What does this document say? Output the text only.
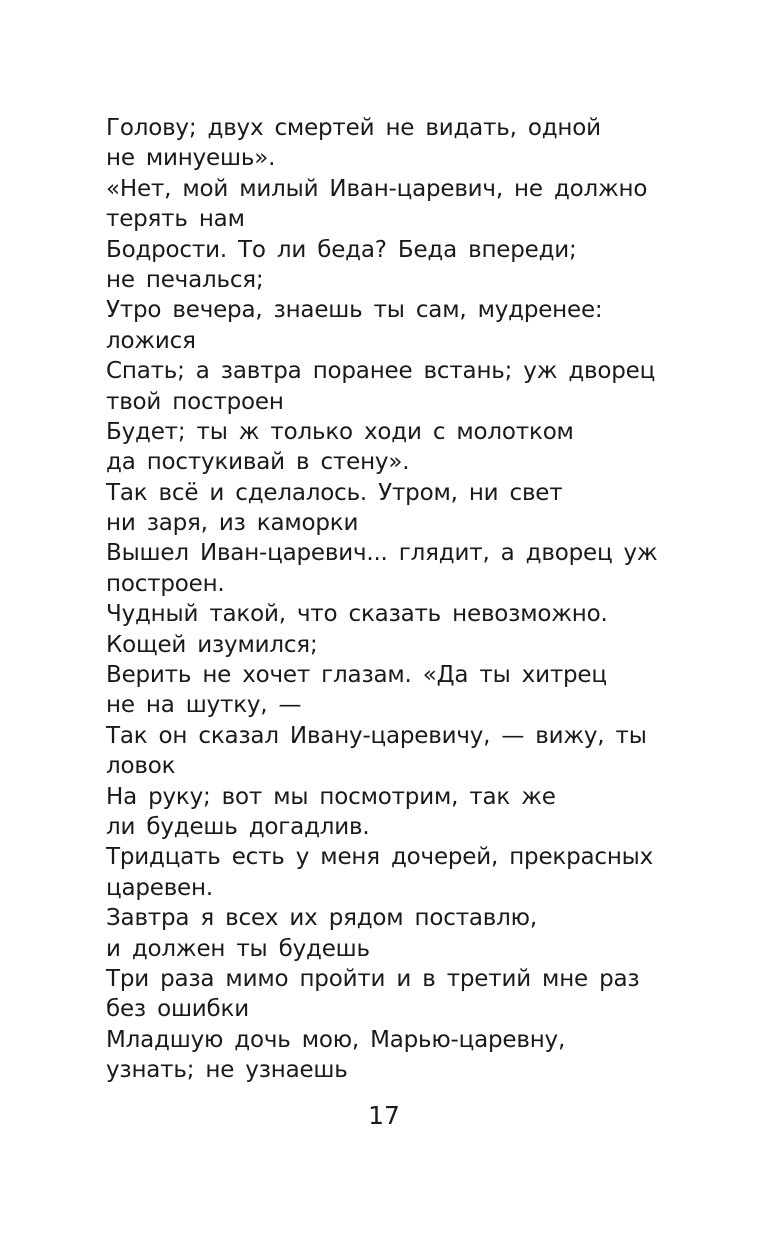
Голову; двух смертей не видать, одной
не минуешь».
«Нет, мой милый Иван-царевич, не должно
терять нам
Бодрости. То ли беда? Беда впереди;
не печалься;
Утро вечера, знаешь ты сам, мудренее:
ложися
Спать; а завтра поранее встань; уж дворец
твой построен
Будет; ты ж только ходи с молотком
да постукивай в стену».
Так всё и сделалось. Утром, ни свет
ни заря, из каморки
Вышел Иван-царевич... глядит, а дворец уж
построен.
Чудный такой, что сказать невозможно.
Кощей изумился;
Верить не хочет глазам. «Да ты хитрец
не на шутку, —
Так он сказал Ивану-царевичу, — вижу, ты
ловок
На руку; вот мы посмотрим, так же
ли будешь догадлив.
Тридцать есть у меня дочерей, прекрасных
царевен.
Завтра я всех их рядом поставлю,
и должен ты будешь
Три раза мимо пройти и в третий мне раз
без ошибки
Младшую дочь мою, Марью-царевну,
узнать; не узнаешь
17
